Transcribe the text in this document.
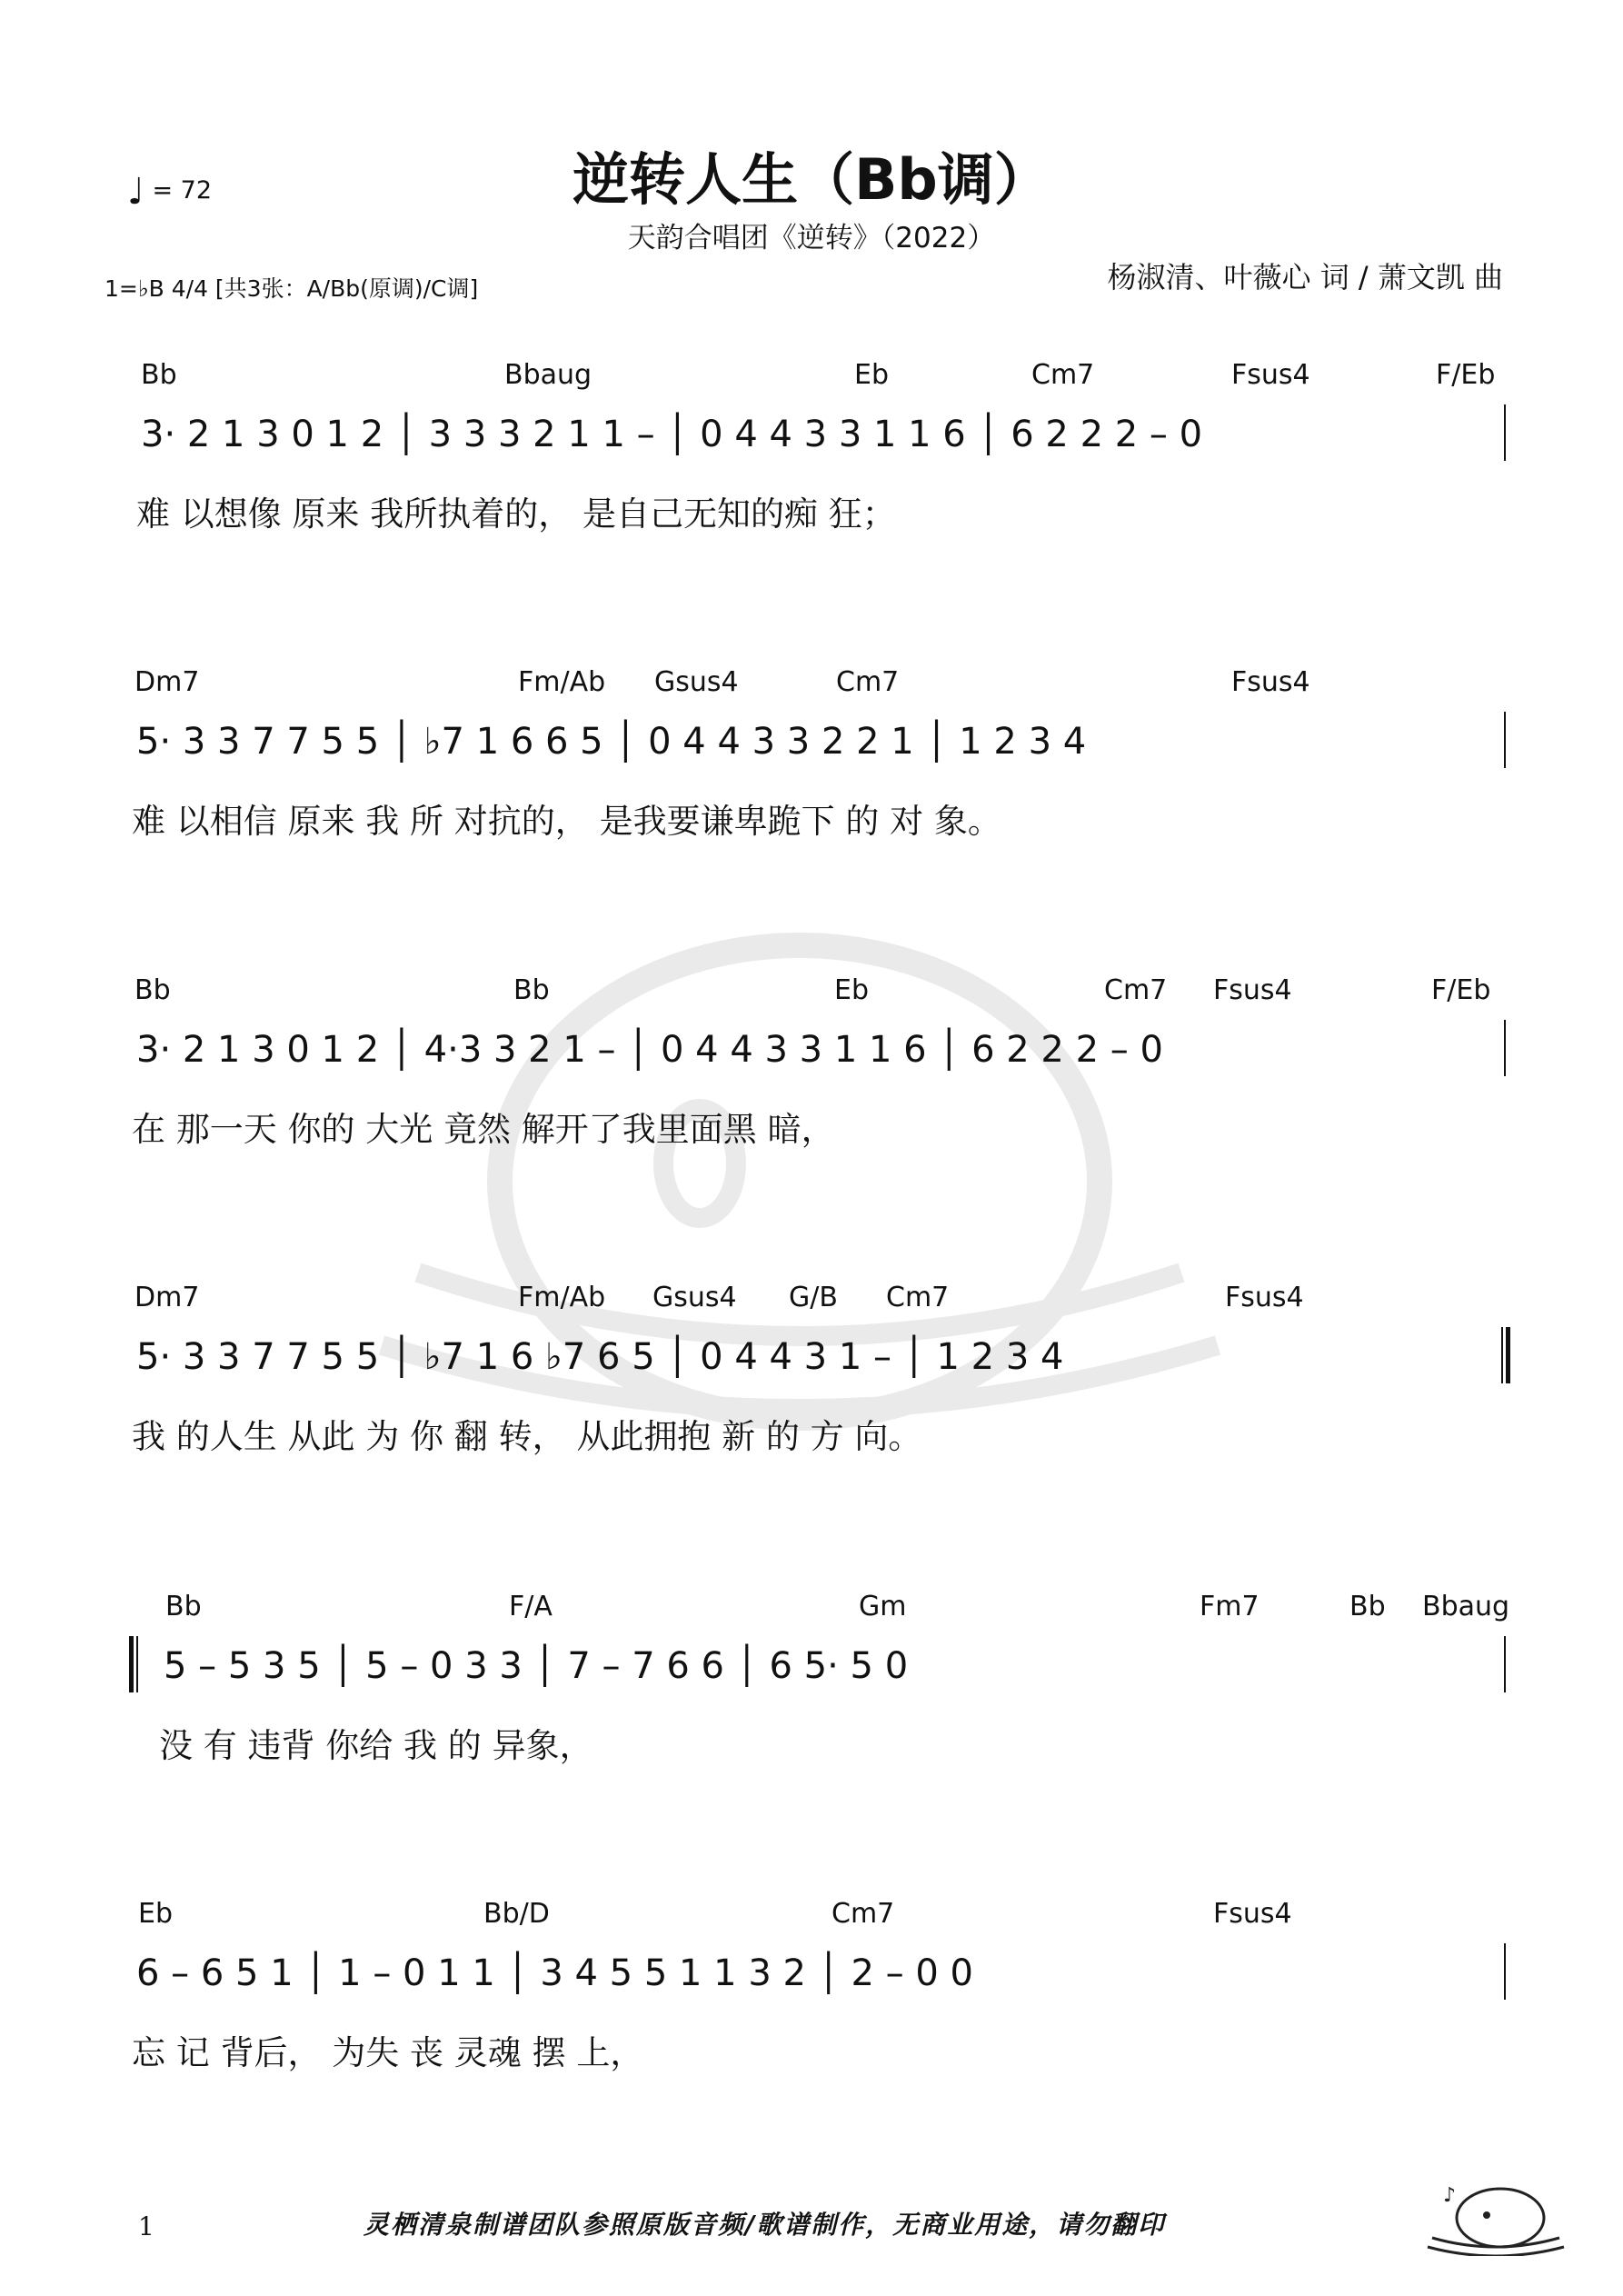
♩ = 72	逆转人生（Bb调）
天韵合唱团《逆转》（2022）
1=♭B 4/4 [共3张：A/Bb(原调)/C调]	杨淑清、叶薇心 词 / 萧文凯 曲
Bb	Bbaug	Eb	Cm7	Fsus4	F/Eb
3· 2 1 3 0 1 2 │ 3 3 3 2 1 1 – │ 0 4 4 3 3 1 1 6 │ 6 2 2 2 – 0
难 以想像 原来 我所执着的， 是自己无知的痴 狂；
Dm7	Fm/Ab Gsus4	Cm7	Fsus4
5· 3 3 7 7 5 5 │ ♭7 1 6 6 5 │ 0 4 4 3 3 2 2 1 │ 1 2 3 4
难 以相信 原来 我 所 对抗的， 是我要谦卑跪下 的 对 象。
Bb	Bb	Eb	Cm7 Fsus4	F/Eb
3· 2 1 3 0 1 2 │ 4·3 3 2 1 – │ 0 4 4 3 3 1 1 6 │ 6 2 2 2 – 0
在 那一天 你的 大光 竟然 解开了我里面黑 暗，
Dm7	Fm/Ab Gsus4 G/B Cm7	Fsus4
5· 3 3 7 7 5 5 │ ♭7 1 6 ♭7 6 5 │ 0 4 4 3 1 – │ 1 2 3 4
我 的人生 从此 为 你 翻 转， 从此拥抱 新 的 方 向。
Bb	F/A	Gm	Fm7	Bb Bbaug
5 – 5 3 5 │ 5 – 0 3 3 │ 7 – 7 6 6 │ 6 5· 5 0
没 有 违背 你给 我 的 异象，
Eb	Bb/D	Cm7	Fsus4
6 – 6 5 1 │ 1 – 0 1 1 │ 3 4 5 5 1 1 3 2 │ 2 – 0 0
忘 记 背后， 为失 丧 灵魂 摆 上，
1	灵栖清泉制谱团队参照原版音频/歌谱制作，无商业用途，请勿翻印
♪
